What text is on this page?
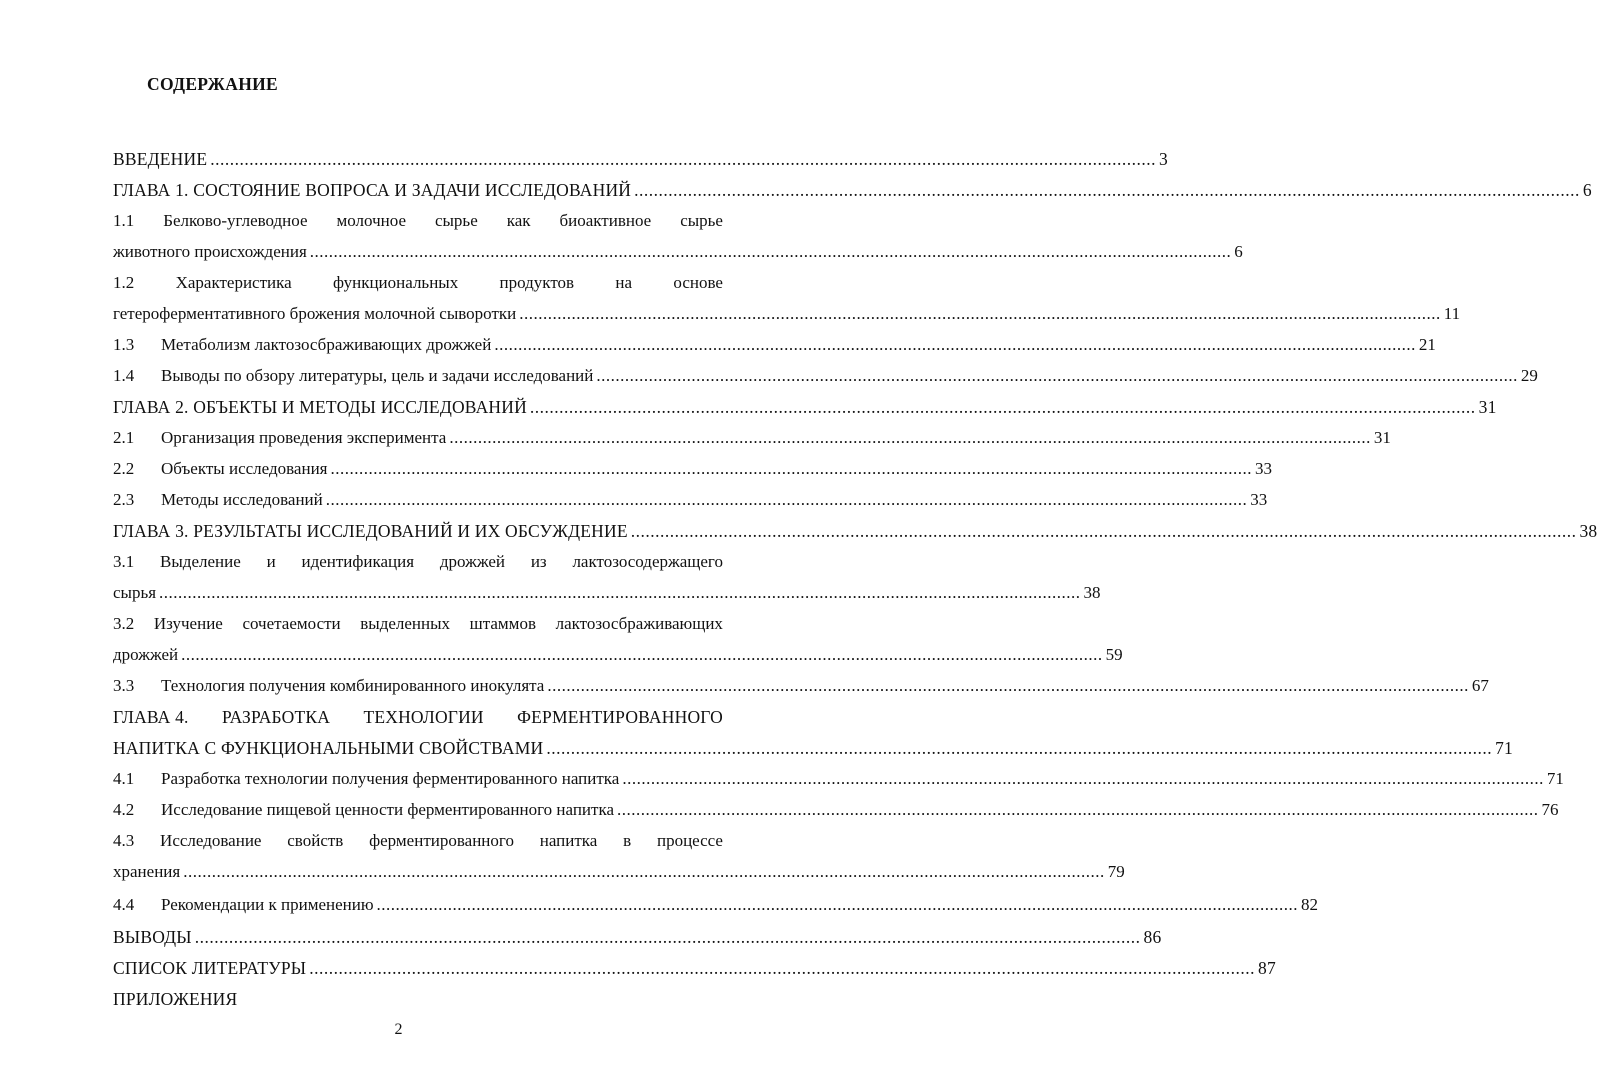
СОДЕРЖАНИЕ
ВВЕДЕНИЕ .....	3
ГЛАВА 1. СОСТОЯНИЕ ВОПРОСА И ЗАДАЧИ ИССЛЕДОВАНИЙ .....	6
1.1 Белково-углеводное молочное сырье как биоактивное сырье
животного происхождения .....	6
1.2 Характеристика функциональных продуктов на основе
гетероферментативного брожения молочной сыворотки .....	11
1.3	Метаболизм лактозосбраживающих дрожжей .....	21
1.4	Выводы по обзору литературы, цель и задачи исследований .....	29
ГЛАВА 2. ОБЪЕКТЫ И МЕТОДЫ ИССЛЕДОВАНИЙ .....	31
2.1	Организация проведения эксперимента .....	31
2.2	Объекты исследования .....	33
2.3	Методы исследований .....	33
ГЛАВА 3. РЕЗУЛЬТАТЫ ИССЛЕДОВАНИЙ И ИХ ОБСУЖДЕНИЕ .....	38
3.1 Выделение и идентификация дрожжей из лактозосодержащего
сырья .....	38
3.2 Изучение сочетаемости выделенных штаммов лактозосбраживающих
дрожжей .....	59
3.3	Технология получения комбинированного инокулята .....	67
ГЛАВА 4. РАЗРАБОТКА ТЕХНОЛОГИИ ФЕРМЕНТИРОВАННОГО
НАПИТКА С ФУНКЦИОНАЛЬНЫМИ СВОЙСТВАМИ .....	71
4.1	Разработка технологии получения ферментированного напитка .....	71
4.2	Исследование пищевой ценности ферментированного напитка .....	76
4.3 Исследование свойств ферментированного напитка в процессе
хранения .....	79
4.4	Рекомендации к применению .....	82
ВЫВОДЫ .....	86
СПИСОК ЛИТЕРАТУРЫ .....	87
ПРИЛОЖЕНИЯ
2
